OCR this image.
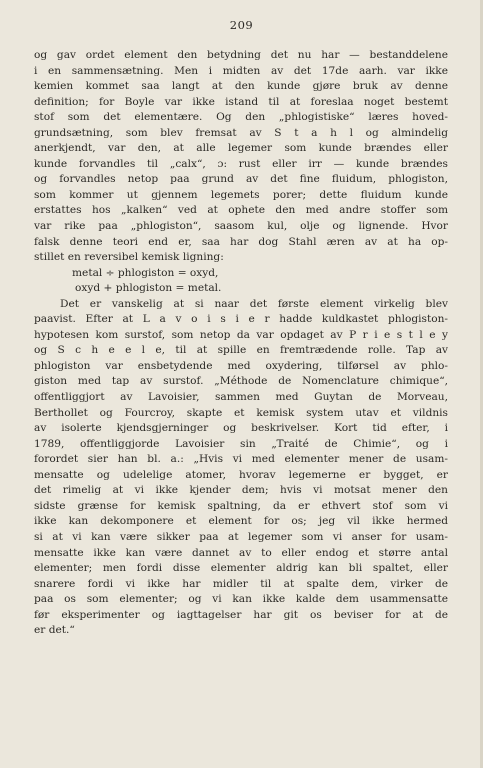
209
og gav ordet element den betydning det nu har — bestanddelene
i en sammensætning. Men i midten av det 17de aarh. var ikke
kemien kommet saa langt at den kunde gjøre bruk av denne
definition; for Boyle var ikke istand til at foreslaa noget bestemt
stof som det elementære. Og den „phlogistiske“ læres hoved-
grundsætning, som blev fremsat av S t a h l og almindelig
anerkjendt, var den, at alle legemer som kunde brændes eller
kunde forvandles til „calx“, ɔ: rust eller irr — kunde brændes
og forvandles netop paa grund av det fine fluidum, phlogiston,
som kommer ut gjennem legemets porer; dette fluidum kunde
erstattes hos „kalken“ ved at ophete den med andre stoffer som
var rike paa „phlogiston“, saasom kul, olje og lignende. Hvor
falsk denne teori end er, saa har dog Stahl æren av at ha op-
stillet en reversibel kemisk ligning:
metal ÷ phlogiston = oxyd,
oxyd + phlogiston = metal.
Det er vanskelig at si naar det første element virkelig blev
paavist. Efter at L a v o i s i e r hadde kuldkastet phlogiston-
hypotesen kom surstof, som netop da var opdaget av P r i e s t l e y
og S c h e e l e, til at spille en fremtrædende rolle. Tap av
phlogiston var ensbetydende med oxydering, tilførsel av phlo-
giston med tap av surstof. „Méthode de Nomenclature chimique“,
offentliggjort av Lavoisier, sammen med Guytan de Morveau,
Berthollet og Fourcroy, skapte et kemisk system utav et vildnis
av isolerte kjendsgjerninger og beskrivelser. Kort tid efter, i
1789, offentliggjorde Lavoisier sin „Traité de Chimie“, og i
forordet sier han bl. a.: „Hvis vi med elementer mener de usam-
mensatte og udelelige atomer, hvorav legemerne er bygget, er
det rimelig at vi ikke kjender dem; hvis vi motsat mener den
sidste grænse for kemisk spaltning, da er ethvert stof som vi
ikke kan dekomponere et element for os; jeg vil ikke hermed
si at vi kan være sikker paa at legemer som vi anser for usam-
mensatte ikke kan være dannet av to eller endog et større antal
elementer; men fordi disse elementer aldrig kan bli spaltet, eller
snarere fordi vi ikke har midler til at spalte dem, virker de
paa os som elementer; og vi kan ikke kalde dem usammensatte
før eksperimenter og iagttagelser har git os beviser for at de
er det.“
